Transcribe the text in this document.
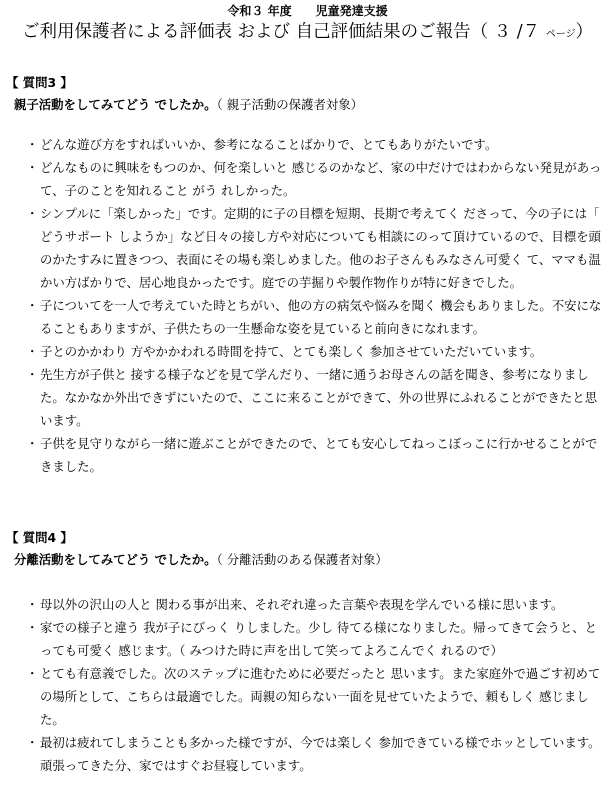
令和３ 年度　　 児童発達支援
ご利用保護者による評価表 および 自己評価結果のご報告（ ３ /７ ページ）
【 質問3 】
親子活動をしてみてどう でしたか。（ 親子活動の保護者対象）
・ どんな遊び方をすればいいか、参考になることばかりで、とてもありがたいです。
・ どんなものに興味をもつのか、何を楽しいと 感じるのかなど、家の中だけではわからない発見があって、子のことを知れること がう れしかった。
・ シンプルに「楽しかった」です。定期的に子の目標を短期、長期で考えてく ださって、今の子には「 どうサポート しようか」など日々の接し方や対応についても相談にのって頂けているので、目標を頭のかたすみに置きつつ、表面にその場も楽しめました。他のお子さんもみなさん可愛く て、ママも温かい方ばかりで、居心地良かったです。庭での芋掘りや製作物作りが特に好きでした。
・ 子についてを一人で考えていた時とちがい、他の方の病気や悩みを聞く 機会もありました。不安になることもありますが、子供たちの一生懸命な姿を見ていると前向きになれます。
・ 子とのかかわり 方やかかわれる時間を持て、とても楽しく 参加させていただいています。
・ 先生方が子供と 接する様子などを見て学んだり、一緒に通うお母さんの話を聞き、参考になりました。なかなか外出できずにいたので、ここに来ることができて、外の世界にふれることができたと思います。
・ 子供を見守りながら一緒に遊ぶことができたので、とても安心してねっこぼっこに行かせることができました。
【 質問4 】
分離活動をしてみてどう でしたか。（ 分離活動のある保護者対象）
・ 母以外の沢山の人と 関わる事が出来、それぞれ違った言葉や表現を学んでいる様に思います。
・ 家での様子と違う 我が子にびっく りしました。少し 待てる様になりました。帰ってきて会うと、とっても可愛く 感じます。（ みつけた時に声を出して笑ってよろこんでく れるので）
・ とても有意義でした。次のステップに進むために必要だったと 思います。また家庭外で過ごす初めての場所として、こちらは最適でした。両親の知らない一面を見せていたようで、頼もしく 感じました。
・ 最初は疲れてしまうことも多かった様ですが、今では楽しく 参加できている様でホッとしています。頑張ってきた分、家ではすぐお昼寝しています。
